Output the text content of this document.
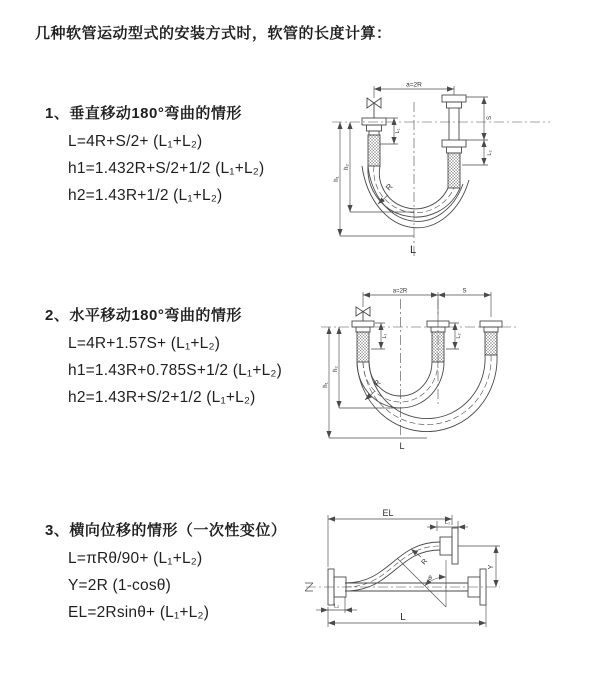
几种软管运动型式的安装方式时，软管的长度计算：
1、垂直移动180°弯曲的情形
L=4R+S/2+ (L₁+L₂)
h1=1.432R+S/2+1/2 (L₁+L₂)
h2=1.43R+1/2 (L₁+L₂)
2、水平移动180°弯曲的情形
L=4R+1.57S+ (L₁+L₂)
h1=1.43R+0.785S+1/2 (L₁+L₂)
h2=1.43R+S/2+1/2 (L₁+L₂)
3、横向位移的情形（一次性变位）
L=πRθ/90+ (L₁+L₂)
Y=2R (1-cosθ)
EL=2Rsinθ+ (L₁+L₂)
a=2R
L₁
S
L₂
h₂
h₁
R
L
a=2R	S
L₁	L₂
h₂
h₁	R
L
EL
L₁
Y
R
θ
L
L₂
